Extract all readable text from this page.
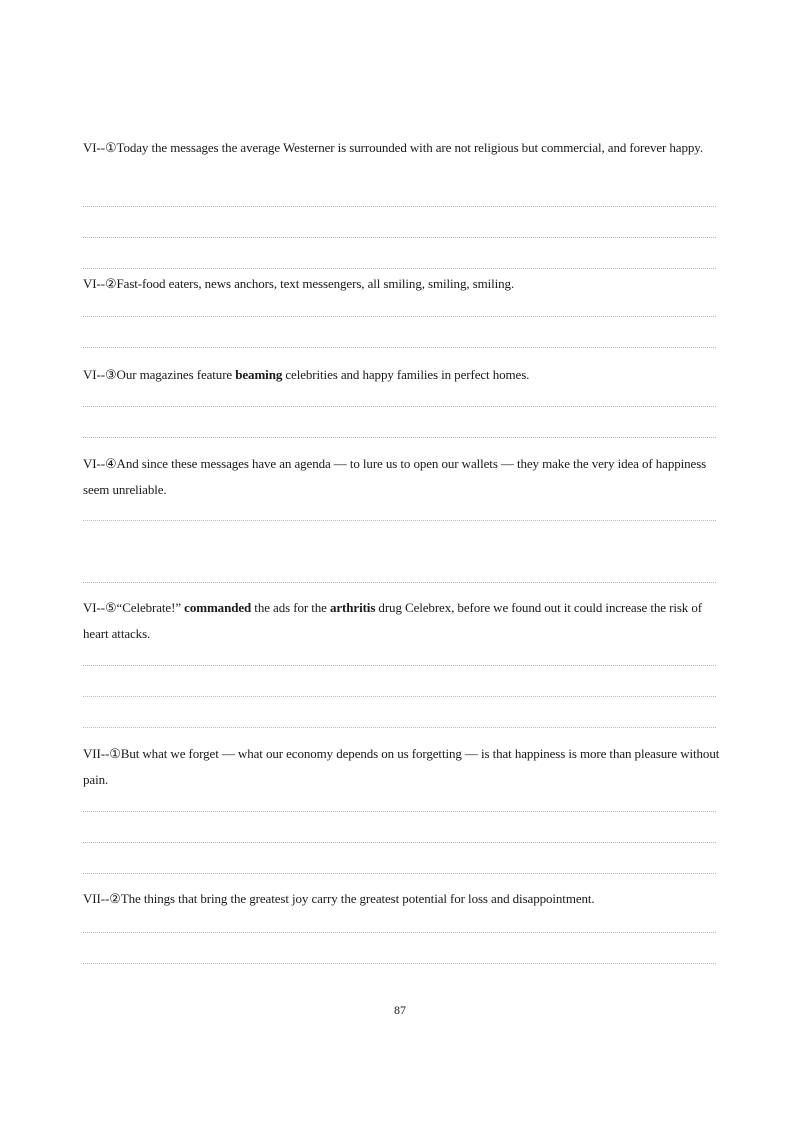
VI--①Today the messages the average Westerner is surrounded with are not religious but commercial, and forever happy.
VI--②Fast-food eaters, news anchors, text messengers, all smiling, smiling, smiling.
VI--③Our magazines feature beaming celebrities and happy families in perfect homes.
VI--④And since these messages have an agenda — to lure us to open our wallets — they make the very idea of happiness seem unreliable.
VI--⑤“Celebrate!” commanded the ads for the arthritis drug Celebrex, before we found out it could increase the risk of heart attacks.
VII--①But what we forget — what our economy depends on us forgetting — is that happiness is more than pleasure without pain.
VII--②The things that bring the greatest joy carry the greatest potential for loss and disappointment.
87
